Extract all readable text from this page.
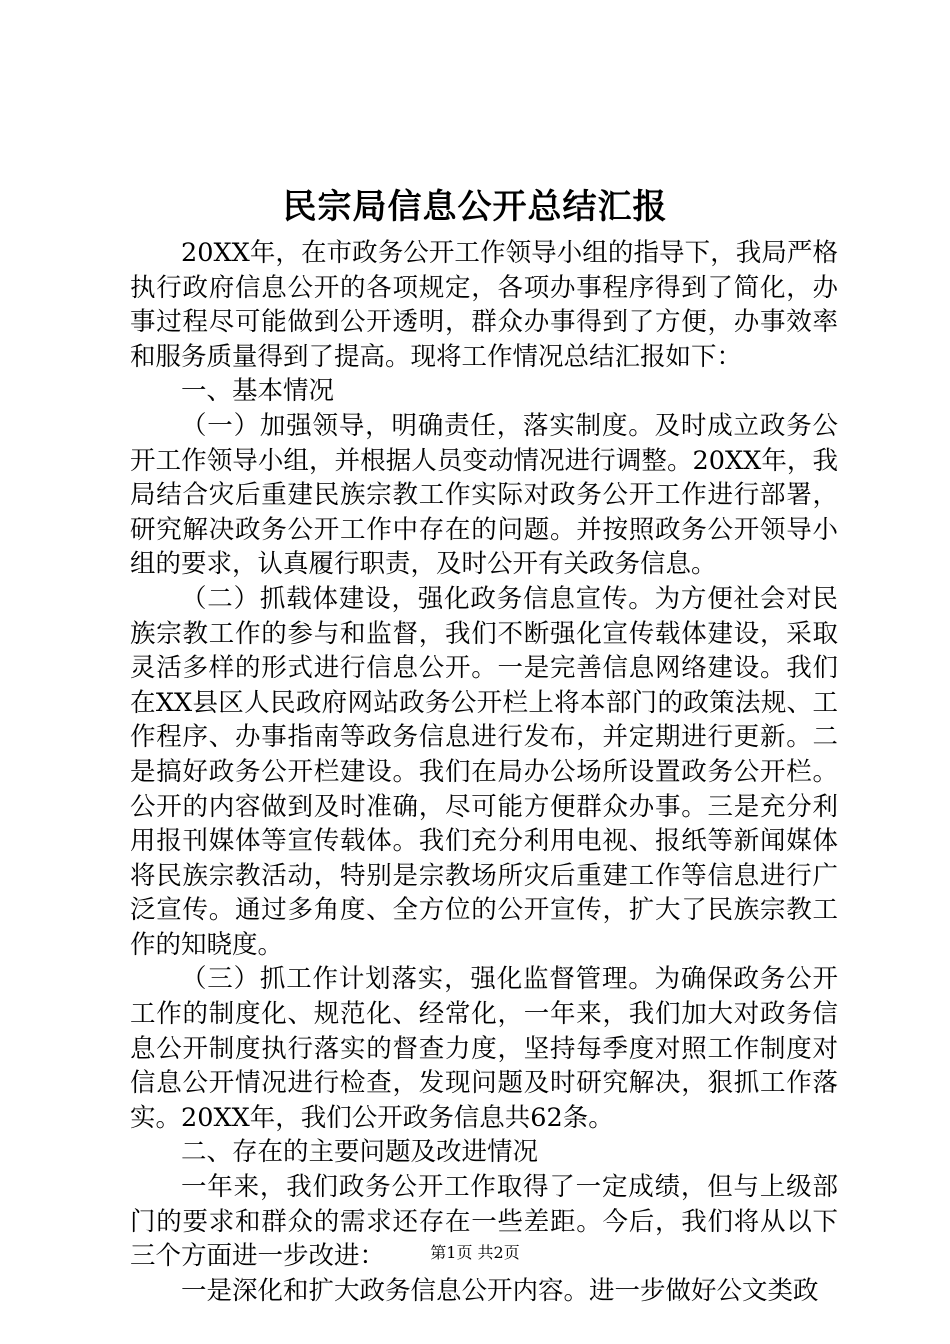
民宗局信息公开总结汇报

20XX年，在市政务公开工作领导小组的指导下，我局严格执行政府信息公开的各项规定，各项办事程序得到了简化，办事过程尽可能做到公开透明，群众办事得到了方便，办事效率和服务质量得到了提高。现将工作情况总结汇报如下：

一、基本情况

（一）加强领导，明确责任，落实制度。及时成立政务公开工作领导小组，并根据人员变动情况进行调整。20XX年，我局结合灾后重建民族宗教工作实际对政务公开工作进行部署，研究解决政务公开工作中存在的问题。并按照政务公开领导小组的要求，认真履行职责，及时公开有关政务信息。

（二）抓载体建设，强化政务信息宣传。为方便社会对民族宗教工作的参与和监督，我们不断强化宣传载体建设，采取灵活多样的形式进行信息公开。一是完善信息网络建设。我们在XX县区人民政府网站政务公开栏上将本部门的政策法规、工作程序、办事指南等政务信息进行发布，并定期进行更新。二是搞好政务公开栏建设。我们在局办公场所设置政务公开栏。公开的内容做到及时准确，尽可能方便群众办事。三是充分利用报刊媒体等宣传载体。我们充分利用电视、报纸等新闻媒体将民族宗教活动，特别是宗教场所灾后重建工作等信息进行广泛宣传。通过多角度、全方位的公开宣传，扩大了民族宗教工作的知晓度。

（三）抓工作计划落实，强化监督管理。为确保政务公开工作的制度化、规范化、经常化，一年来，我们加大对政务信息公开制度执行落实的督查力度，坚持每季度对照工作制度对信息公开情况进行检查，发现问题及时研究解决，狠抓工作落实。20XX年，我们公开政务信息共62条。

二、存在的主要问题及改进情况

一年来，我们政务公开工作取得了一定成绩，但与上级部门的要求和群众的需求还存在一些差距。今后，我们将从以下三个方面进一步改进：

一是深化和扩大政务信息公开内容。进一步做好公文类政

第1页 共2页
